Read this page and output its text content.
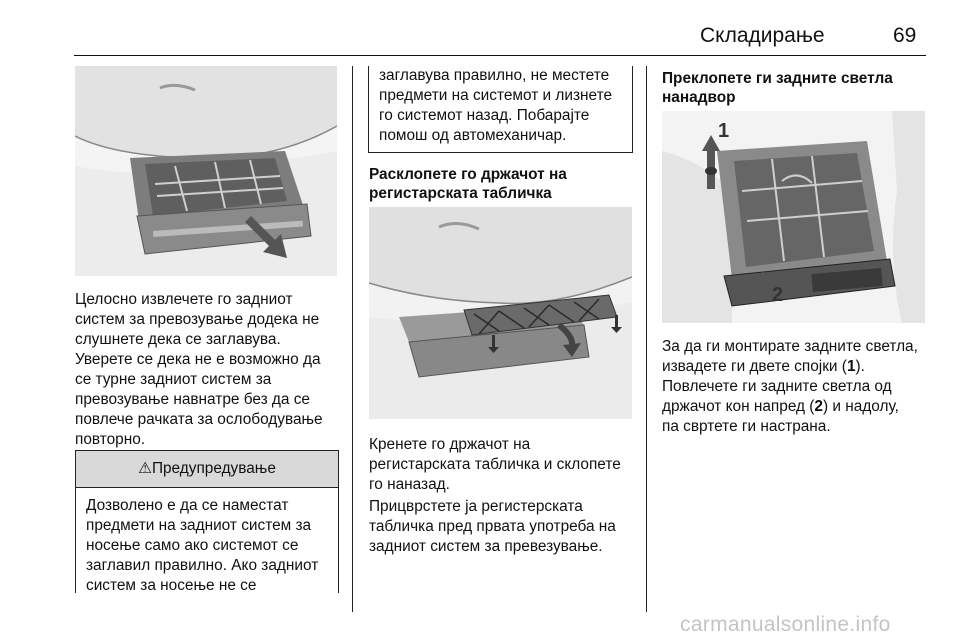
Складирање	69

Целосно извлечете го задниот
систем за превозување додека не
слушнете дека се заглавува.

Уверете се дека не е возможно да
се турне задниот систем за
превозување навнатре без да се
повлече рачката за ослободување
повторно.

⚠Предупредување

Дозволено е да се наместат
предмети на задниот систем за
носење само ако системот се
заглавил правилно. Ако задниот
систем за носење не се

заглавува правилно, не местете
предмети на системот и лизнете
го системот назад. Побарајте
помош од автомеханичар.

Расклопете го држачот на
регистарската табличка

Кренете го држачот на
регистарската табличка и склопете
го наназад.

Прицврстете ја регистерската
табличка пред првата употреба на
задниот систем за превезување.

Преклопете ги задните светла
нанадвор
1
2

За да ги монтирате задните светла,
извадете ги двете спојки (1).
Повлечете ги задните светла од
држачот кон напред (2) и надолу,
па свртете ги настрана.

carmanualsonline.info
